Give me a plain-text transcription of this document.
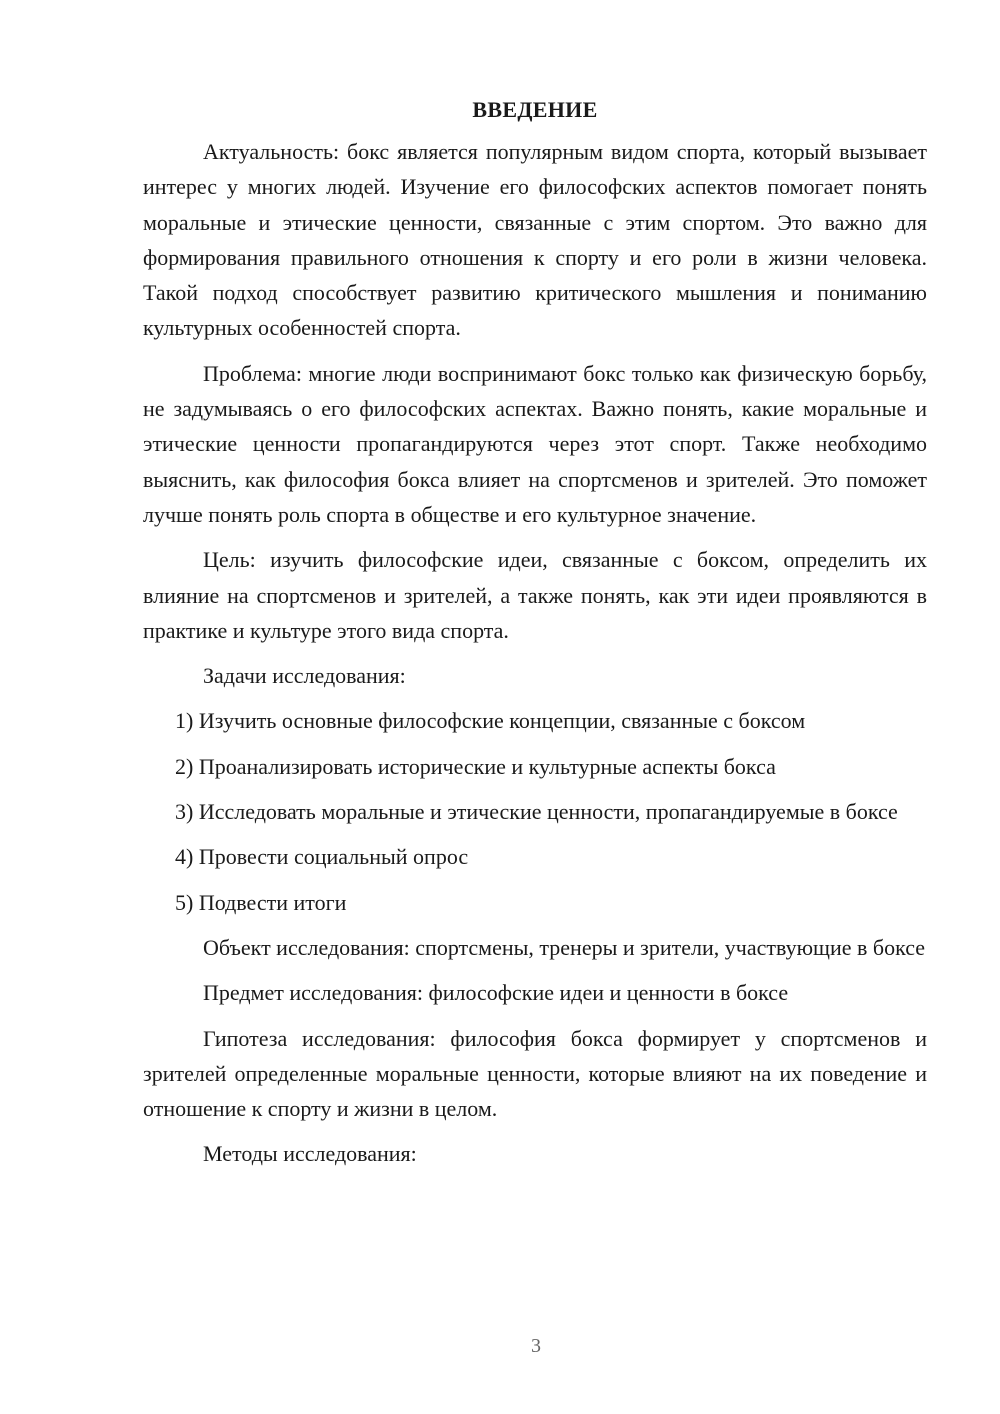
ВВЕДЕНИЕ

Актуальность: бокс является популярным видом спорта, который вызывает интерес у многих людей. Изучение его философских аспектов помогает понять моральные и этические ценности, связанные с этим спортом. Это важно для формирования правильного отношения к спорту и его роли в жизни человека. Такой подход способствует развитию критического мышления и пониманию культурных особенностей спорта.

Проблема: многие люди воспринимают бокс только как физическую борьбу, не задумываясь о его философских аспектах. Важно понять, какие моральные и этические ценности пропагандируются через этот спорт. Также необходимо выяснить, как философия бокса влияет на спортсменов и зрителей. Это поможет лучше понять роль спорта в обществе и его культурное значение.

Цель: изучить философские идеи, связанные с боксом, определить их влияние на спортсменов и зрителей, а также понять, как эти идеи проявляются в практике и культуре этого вида спорта.

Задачи исследования:

1) Изучить основные философские концепции, связанные с боксом

2) Проанализировать исторические и культурные аспекты бокса

3) Исследовать моральные и этические ценности, пропагандируемые в боксе

4) Провести социальный опрос

5) Подвести итоги

Объект исследования: спортсмены, тренеры и зрители, участвующие в боксе

Предмет исследования: философские идеи и ценности в боксе

Гипотеза исследования: философия бокса формирует у спортсменов и зрителей определенные моральные ценности, которые влияют на их поведение и отношение к спорту и жизни в целом.

Методы исследования:

3
